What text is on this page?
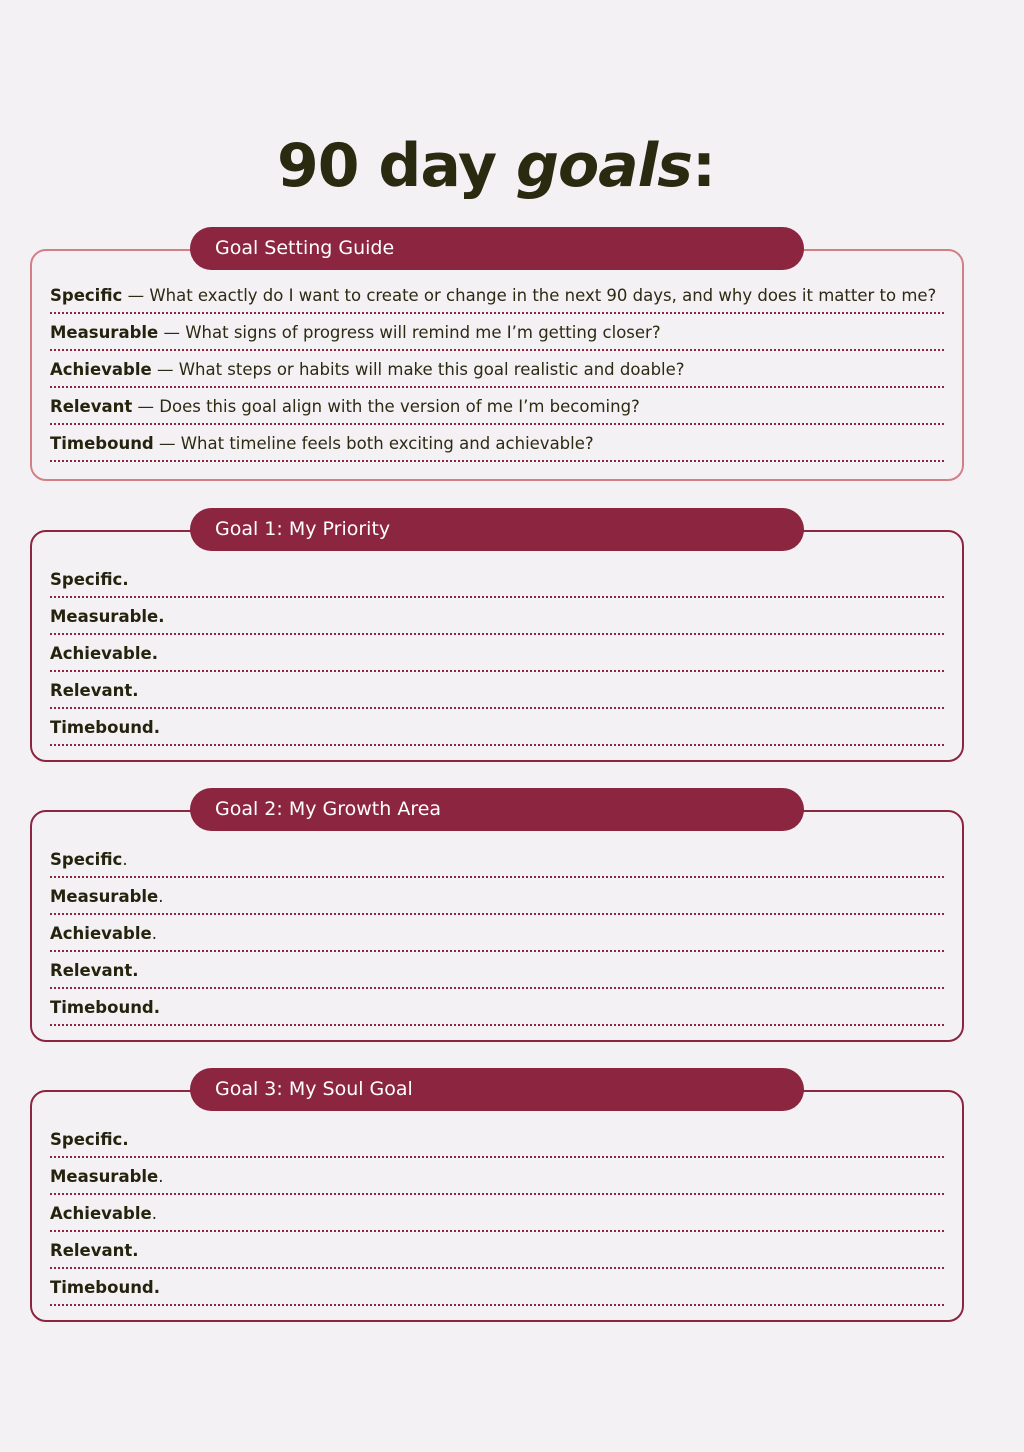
90 day goals:
Goal Setting Guide
Specific — What exactly do I want to create or change in the next 90 days, and why does it matter to me?
Measurable — What signs of progress will remind me I’m getting closer?
Achievable — What steps or habits will make this goal realistic and doable?
Relevant — Does this goal align with the version of me I’m becoming?
Timebound — What timeline feels both exciting and achievable?
Goal 1: My Priority
Specific.
Measurable.
Achievable.
Relevant.
Timebound.
Goal 2: My Growth Area
Specific.
Measurable.
Achievable.
Relevant.
Timebound.
Goal 3: My Soul Goal
Specific.
Measurable.
Achievable.
Relevant.
Timebound.
